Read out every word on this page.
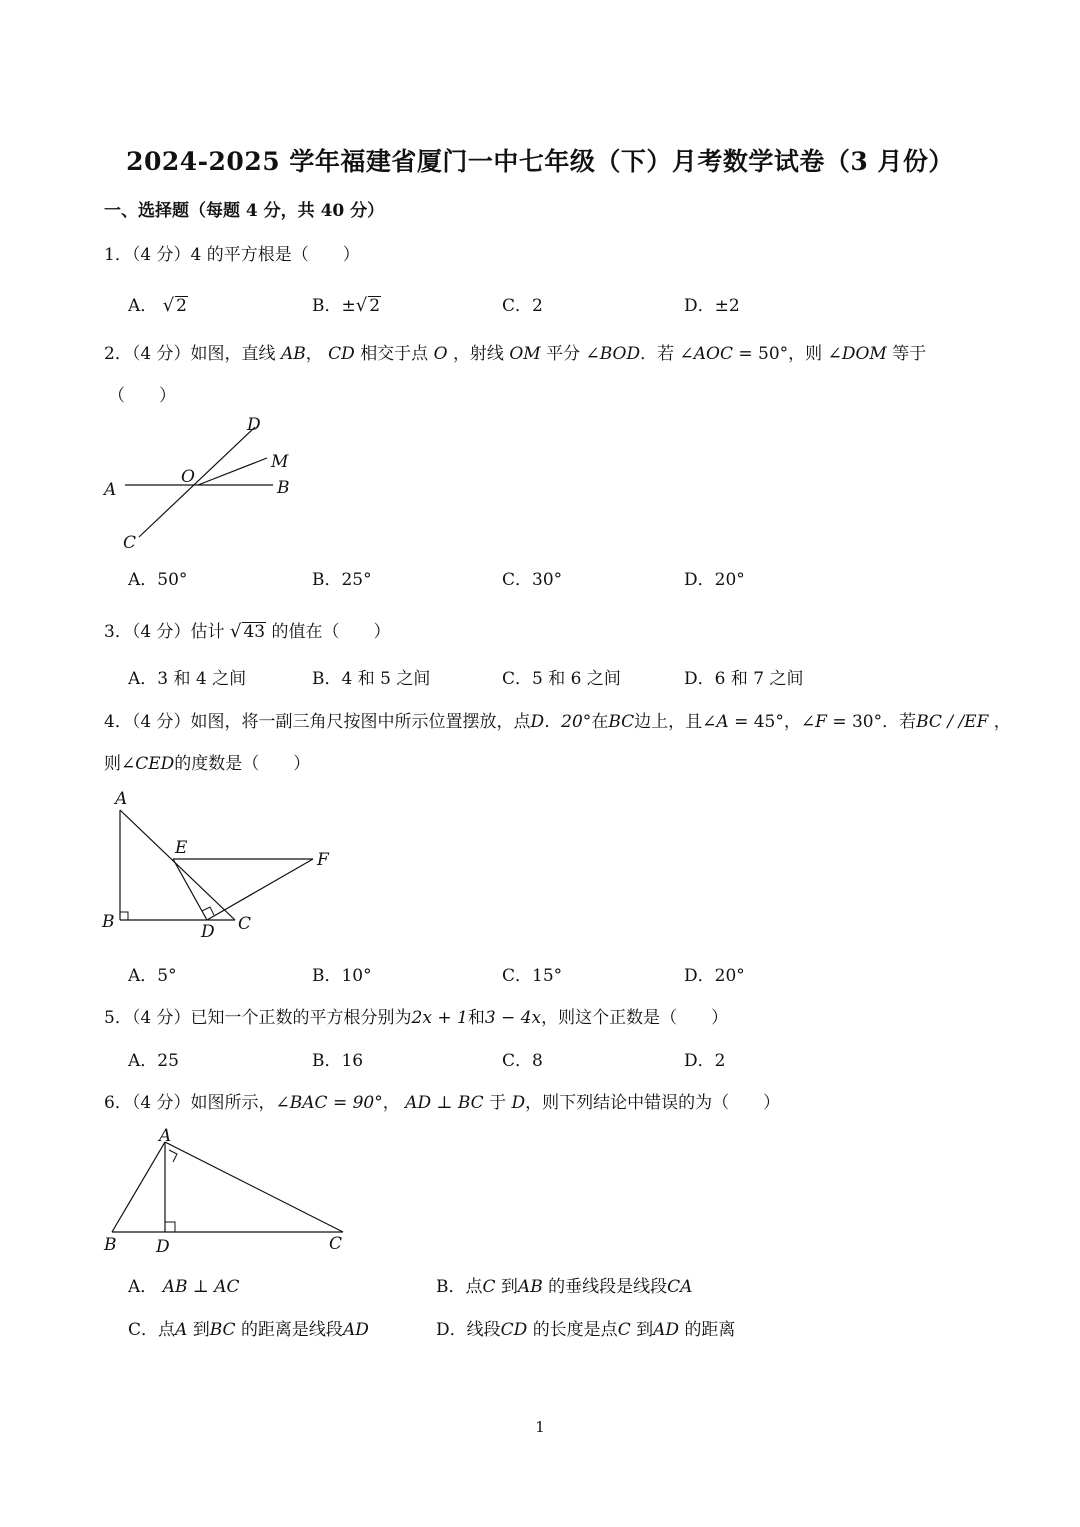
2024-2025 学年福建省厦门一中七年级（下）月考数学试卷（3 月份）
一、选择题（每题 4 分，共 40 分）
1．（4 分）4 的平方根是（　　）
A． √ 2	B．±√ 2	C．2	D．±2
2．（4 分）如图，直线 AB， CD 相交于点 O ，射线 OM 平分 ∠BOD．若 ∠AOC = 50°，则 ∠DOM 等于
（　　）
A	B
C
D
O
M
A．50°	B．25°	C．30°	D．20°
3．（4 分）估计 √ 43 的值在（　　）
A．3 和 4 之间	B．4 和 5 之间	C．5 和 6 之间	D．6 和 7 之间
4．（4 分）如图，将一副三角尺按图中所示位置摆放，点D．20°在BC边上，且∠A = 45°，∠F = 30°．若BC / /EF ，
则∠CED的度数是（　　）
A
B	C
D
E
F
A．5°	B．10°	C．15°	D．20°
5．（4 分）已知一个正数的平方根分别为2x + 1和3 − 4x，则这个正数是（　　）
A．25	B．16	C．8	D．2
6．（4 分）如图所示，∠BAC = 90°， AD ⊥ BC 于 D，则下列结论中错误的为（　　）
A
B	C
D
A． AB ⊥ AC	B．点C 到AB 的垂线段是线段CA
C．点A 到BC 的距离是线段AD	D．线段CD 的长度是点C 到AD 的距离
1
